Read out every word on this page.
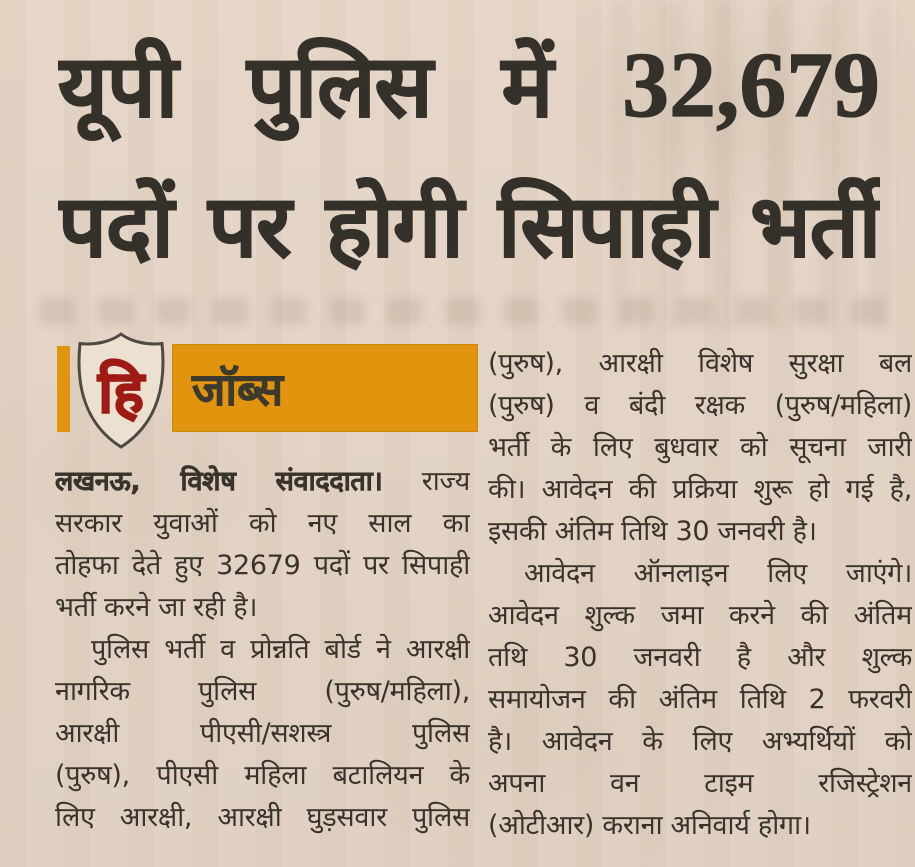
यूपी पुलिस में 32,679
पदों पर होगी सिपाही भर्ती
हि	जॉब्स
लखनऊ, विशेष संवाददाता। राज्य
सरकार युवाओं को नए साल का
तोहफा देते हुए 32679 पदों पर सिपाही
भर्ती करने जा रही है।
पुलिस भर्ती व प्रोन्नति बोर्ड ने आरक्षी
नागरिक पुलिस (पुरुष/महिला),
आरक्षी पीएसी/सशस्त्र पुलिस
(पुरुष), पीएसी महिला बटालियन के
लिए आरक्षी, आरक्षी घुड़सवार पुलिस
(पुरुष), आरक्षी विशेष सुरक्षा बल
(पुरुष) व बंदी रक्षक (पुरुष/महिला)
भर्ती के लिए बुधवार को सूचना जारी
की। आवेदन की प्रक्रिया शुरू हो गई है,
इसकी अंतिम तिथि 30 जनवरी है।
आवेदन ऑनलाइन लिए जाएंगे।
आवेदन शुल्क जमा करने की अंतिम
तथि 30 जनवरी है और शुल्क
समायोजन की अंतिम तिथि 2 फरवरी
है। आवेदन के लिए अभ्यर्थियों को
अपना वन टाइम रजिस्ट्रेशन
(ओटीआर) कराना अनिवार्य होगा।
